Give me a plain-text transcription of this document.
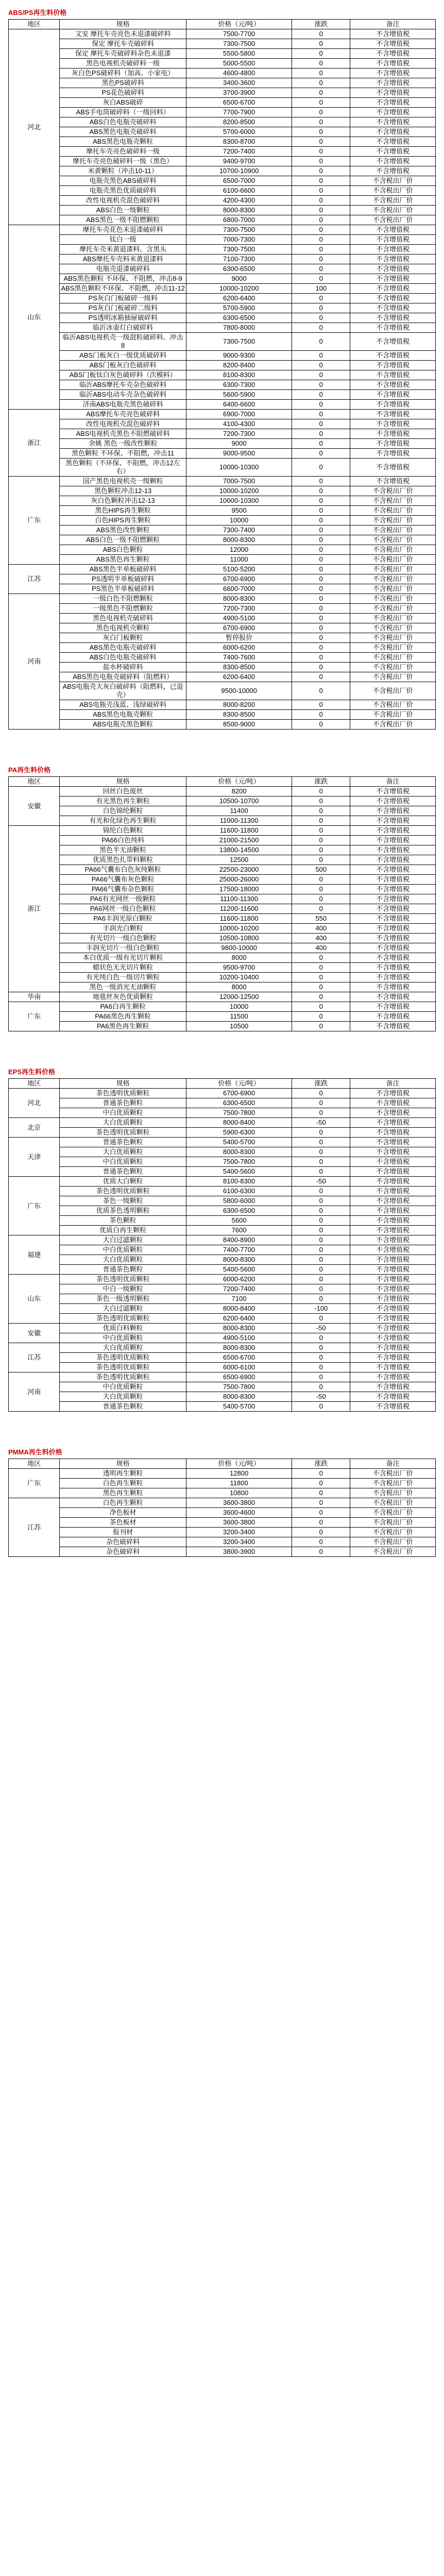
ABS/PS再生料价格
地区	规格	价格（元/吨）	涨跌	备注
河北	文安 摩托车壳亮色未退漆破碎料	7500-7700	0	不含增值税
	保定 摩托车壳破碎料	7300-7500	0	不含增值税
	保定 摩托车壳破碎料杂色未退漆	5500-5800	0	不含增值税
	黑色电视机壳破碎料一级	5000-5500	0	不含增值税
	灰白色PS破碎料（加高、小家电）	4600-4800	0	不含增值税
	黑色PS破碎料	3400-3600	0	不含增值税
	PS花色破碎料	3700-3900	0	不含增值税
	灰白ABS破碎	6500-6700	0	不含增值税
	ABS手电筒破碎料（一级回料）	7700-7900	0	不含增值税
	ABS白色电瓶壳破碎料	8200-8500	0	不含增值税
	ABS黑色电瓶壳破碎料	5700-6000	0	不含增值税
	ABS黑色电瓶壳颗粒	8300-8700	0	不含增值税
	摩托车壳亮色破碎料一级	7200-7400	0	不含增值税
	摩托车壳亮色破碎料一级（黑色）	9400-9700	0	不含增值税
	米黄颗粒（冲击10-11）	10700-10900	0	不含增值税
	电瓶壳黑色ABS破碎料	6500-7000	0	不含税出厂价
	电瓶壳黑色优质破碎料	6100-6600	0	不含税出厂价
	改性电视机壳混色破碎料	4200-4300	0	不含税出厂价
	ABS白色一级颗粒	8000-8300	0	不含税出厂价
	ABS黑色一级不阻燃颗粒	6800-7000	0	不含税出厂价
山东	摩托车壳花色未退漆破碎料	7300-7500	0	不含增值税
	钛白一级	7000-7300	0	不含增值税
	摩托车壳米黄退漆料、含黑头	7300-7500	0	不含增值税
	ABS摩托车壳料米黄退漆料	7100-7300	0	不含增值税
	电瓶壳退漆破碎料	6300-6500	0	不含增值税
	ABS黑色颗粒 不环保、不阻燃，冲击8-9	9000	0	不含增值税
	ABS黑色颗粒不环保、不阻燃，冲击11-12	10000-10200	100	不含增值税
	PS灰白门板破碎一级料	6200-6400	0	不含增值税
	PS灰白门板破碎二级料	5700-5900	0	不含增值税
	PS透明冰箱抽屉破碎料	6300-6500	0	不含增值税
	临沂冰壶灯白破碎料	7800-8000	0	不含增值税
	临沂ABS电视机壳一级混粒破碎料、冲击8	7300-7500	0	不含增值税
	ABS门板灰白一级优质破碎料	9000-9300	0	不含增值税
	ABS门板灰白色破碎料	8200-8400	0	不含增值税
	ABS门板钛白灰色破碎料（次模料）	8100-8300	0	不含增值税
	临沂ABS摩托车壳杂色破碎料	6300-7300	0	不含增值税
	临沂ABS电动车壳杂色破碎料	5600-5900	0	不含增值税
	济南ABS电瓶壳黑色破碎料	6400-6600	0	不含增值税
浙江	ABS摩托车壳亮色破碎料	6900-7000	0	不含增值税
	改性电视机壳混色破碎料	4100-4300	0	不含增值税
	ABS电视机壳黑色不阻燃破碎料	7200-7300	0	不含增值税
	余姚 黑色一级改性颗粒	9000	0	不含增值税
	黑色颗粒 不环保、不阻燃，冲击11	9000-9500	0	不含增值税
	黑色颗粒（不环保、不阻燃，冲击12左右）	10000-10300	0	不含增值税
广东	国产黑色电视机壳一级颗粒	7000-7500	0	不含增值税
	黑色颗粒冲击12-13	10000-10200	0	不含税出厂价
	灰白色颗粒冲击12-13	10000-10300	0	不含税出厂价
	黑色HIPS再生颗粒	9500	0	不含税出厂价
	白色HIPS再生颗粒	10000	0	不含税出厂价
	ABS黑色改性颗粒	7300-7400	0	不含税出厂价
	ABS白色一级不阻燃颗粒	8000-8300	0	不含税出厂价
	ABS白色颗粒	12000	0	不含税出厂价
	ABS黑色再生颗粒	11000	0	不含税出厂价
江苏	ABS黑色半单板破碎料	5100-5200	0	不含税出厂价
	PS透明半单板破碎料	6700-6900	0	不含税出厂价
	PS黑色半单板破碎料	6600-7000	0	不含税出厂价
河南	一级白色不阻燃颗粒	8000-8300	0	不含税出厂价
	一级黑色不阻燃颗粒	7200-7300	0	不含税出厂价
	黑色电视机壳破碎料	4900-5100	0	不含税出厂价
	黑色电视机壳颗粒	6700-6900	0	不含税出厂价
	灰白门板颗粒	暂停报价	0	不含税出厂价
	ABS黑色电瓶壳破碎料	6000-6200	0	不含税出厂价
	ABS白色电瓶壳破碎料	7400-7600	0	不含税出厂价
	盐水杯破碎料	8300-8500	0	不含税出厂价
	ABS黑色电瓶壳破碎料（阻燃料）	6200-6400	0	不含税出厂价
	ABS电瓶壳大灰白破碎料（阻燃料，已退壳）	9500-10000	0	不含税出厂价
	ABS电瓶壳浅蓝、浅绿破碎料	8000-8200	0	不含税出厂价
	ABS黑色电瓶壳颗粒	8300-8500	0	不含税出厂价
	ABS电瓶壳黑色颗粒	8500-9000	0	不含税出厂价
PA再生料价格
地区	规格	价格（元/吨）	涨跌	备注
安徽	回丝白色废丝	8200	0	不含增值税
	有光黑色再生颗粒	10500-10700	0	不含增值税
	白色锦纶颗粒	11400	0	不含增值税
	有光和化绿色再生颗粒	11000-11300	0	不含增值税
浙江	锦纶白色颗粒	11600-11800	0	不含增值税
	PA66白色纯料	21000-21500	0	不含增值税
	黑色半无油颗粒	13800-14500	0	不含增值税
	优质黑色扎带料颗粒	12500	0	不含增值税
	PA66气囊布白色灰纯颗粒	22500-23000	500	不含增值税
	PA66气囊布灰色颗粒	25000-26000	0	不含增值税
	PA66气囊布杂色颗粒	17500-18000	0	不含增值税
	PA6有光网丝一级颗粒	11100-11300	0	不含增值税
	PA6网丝一级白色颗粒	11200-11600	0	不含增值税
	PA6丰润光原白颗粒	11600-11800	550	不含增值税
	丰润光白颗粒	10000-10200	400	不含增值税
	有光切片一级白色颗粒	10500-10800	400	不含增值税
	丰润光切片一级白色颗粒	9800-10000	400	不含增值税
	本白优质一级有光切片颗粒	8000	0	不含增值税
	蜡状色无光切片颗粒	9500-9700	0	不含增值税
	有光纯白色一级切片颗粒	10200-10400	0	不含增值税
	黑色一级消光无油颗粒	8000	0	不含增值税
华南	地毯丝灰色优质颗粒	12000-12500	0	不含增值税
广东	PA6白再生颗粒	10000	0	不含增值税
	PA66黑色再生颗粒	11500	0	不含增值税
	PA6黑色再生颗粒	10500	0	不含增值税
EPS再生料价格
地区	规格	价格（元/吨）	涨跌	备注
河北	茶色透明优质颗粒	6700-6900	0	不含增值税
	普通茶色颗粒	6300-6500	0	不含增值税
	中白优质颗粒	7500-7800	0	不含增值税
北京	大白优质颗粒	8000-8400	-50	不含增值税
	茶色透明优质颗粒	5900-6300	0	不含增值税
天津	普通茶色颗粒	5400-5700	0	不含增值税
	大白优质颗粒	8000-8300	0	不含增值税
	中白优质颗粒	7500-7800	0	不含增值税
	普通茶色颗粒	5400-5600	0	不含增值税
广东	优质大白颗粒	8100-8300	-50	不含增值税
	茶色透明优质颗粒	6100-6300	0	不含增值税
	茶色一级颗粒	5800-6000	0	不含增值税
	优质茶色透明颗粒	6300-6500	0	不含增值税
	茶色颗粒	5600	0	不含增值税
	优质白再生颗粒	7600	0	不含增值税
福建	大白过滤颗粒	8400-8900	0	不含增值税
	中白优质颗粒	7400-7700	0	不含增值税
	大白优质颗粒	8000-8300	0	不含增值税
	普通茶色颗粒	5400-5600	0	不含增值税
山东	茶色透明优质颗粒	6000-6200	0	不含增值税
	中白一级颗粒	7200-7400	0	不含增值税
	茶色一级透明颗粒	7100	0	不含增值税
	大白过滤颗粒	8000-8400	-100	不含增值税
	茶色透明优质颗粒	6200-6400	0	不含增值税
安徽	优质白料颗粒	8000-8300	-50	不含增值税
	中白优质颗粒	4900-5100	0	不含增值税
江苏	大白优质颗粒	8000-8300	0	不含增值税
	茶色透明优质颗粒	6500-6700	0	不含增值税
	茶色透明优质颗粒	6000-6100	0	不含增值税
河南	茶色透明优质颗粒	6500-6900	0	不含增值税
	中白优质颗粒	7500-7800	0	不含增值税
	大白优质颗粒	8000-8300	-50	不含增值税
	普通茶色颗粒	5400-5700	0	不含增值税
PMMA再生料价格
地区	规格	价格（元/吨）	涨跌	备注
广东	透明再生颗粒	12800	0	不含税出厂价
	白色再生颗粒	11800	0	不含税出厂价
	黑色再生颗粒	10800	0	不含税出厂价
江苏	白色再生颗粒	3600-3800	0	不含税出厂价
	净色板材	3600-4600	0	不含税出厂价
	茶色板材	3600-3800	0	不含税出厂价
	报刊材	3200-3400	0	不含税出厂价
	杂色破碎料	3200-3400	0	不含税出厂价
	杂色破碎料	3800-3900	0	不含税出厂价
